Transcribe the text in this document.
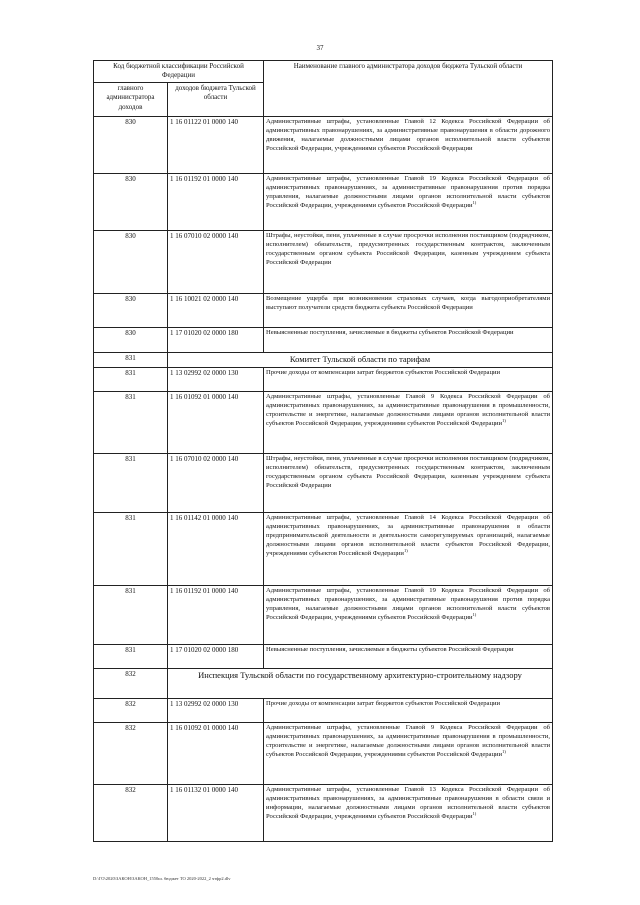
37
Код бюджетной классификации Российской Федерации		Наименование главного администратора доходов бюджета Тульской области
главного администратора доходов	доходов бюджета Тульской области	
830	1 16 01122 01 0000 140	Административные штрафы, установленные Главой 12 Кодекса Российской Федерации об административных правонарушениях, за административные правонарушения в области дорожного движения, налагаемые должностными лицами органов исполнительной власти субъектов Российской Федерации, учреждениями субъектов Российской Федерации
830	1 16 01192 01 0000 140	Административные штрафы, установленные Главой 19 Кодекса Российской Федерации об административных правонарушениях, за административные правонарушения против порядка управления, налагаемые должностными лицами органов исполнительной власти субъектов Российской Федерации, учреждениями субъектов Российской Федерации$^{1)}$
830	1 16 07010 02 0000 140	Штрафы, неустойки, пени, уплаченные в случае просрочки исполнения поставщиком (подрядчиком, исполнителем) обязательств, предусмотренных государственным контрактом, заключенным государственным органом субъекта Российской Федерации, казенным учреждением субъекта Российской Федерации
830	1 16 10021 02 0000 140	Возмещение ущерба при возникновении страховых случаев, когда выгодоприобретателями выступают получатели средств бюджета субъекта Российской Федерации
830	1 17 01020 02 0000 180	Невыясненные поступления, зачисляемые в бюджеты субъектов Российской Федерации
831	Комитет Тульской области по тарифам	
831	1 13 02992 02 0000 130	Прочие доходы от компенсации затрат бюджетов субъектов Российской Федерации
831	1 16 01092 01 0000 140	Административные штрафы, установленные Главой 9 Кодекса Российской Федерации об административных правонарушениях, за административные правонарушения в промышленности, строительстве и энергетике, налагаемые должностными лицами органов исполнительной власти субъектов Российской Федерации, учреждениями субъектов Российской Федерации$^{1)}$
831	1 16 07010 02 0000 140	Штрафы, неустойки, пени, уплаченные в случае просрочки исполнения поставщиком (подрядчиком, исполнителем) обязательств, предусмотренных государственным контрактом, заключенным государственным органом субъекта Российской Федерации, казенным учреждением субъекта Российской Федерации
831	1 16 01142 01 0000 140	Административные штрафы, установленные Главой 14 Кодекса Российской Федерации об административных правонарушениях, за административные правонарушения в области предпринимательской деятельности и деятельности саморегулируемых организаций, налагаемые должностными лицами органов исполнительной власти субъектов Российской Федерации, учреждениями субъектов Российской Федерации$^{1)}$
831	1 16 01192 01 0000 140	Административные штрафы, установленные Главой 19 Кодекса Российской Федерации об административных правонарушениях, за административные правонарушения против порядка управления, налагаемые должностными лицами органов исполнительной власти субъектов Российской Федерации, учреждениями субъектов Российской Федерации$^{1)}$
831	1 17 01020 02 0000 180	Невыясненные поступления, зачисляемые в бюджеты субъектов Российской Федерации
832	Инспекция Тульской области по государственному архитектурно-строительному надзору	
832	1 13 02992 02 0000 130	Прочие доходы от компенсации затрат бюджетов субъектов Российской Федерации
832	1 16 01092 01 0000 140	Административные штрафы, установленные Главой 9 Кодекса Российской Федерации об административных правонарушениях, за административные правонарушения в промышленности, строительстве и энергетике, налагаемые должностными лицами органов исполнительной власти субъектов Российской Федерации, учреждениями субъектов Российской Федерации$^{1)}$
832	1 16 01132 01 0000 140	Административные штрафы, установленные Главой 13 Кодекса Российской Федерации об административных правонарушениях, за административные правонарушения в области связи и информации, налагаемые должностными лицами органов исполнительной власти субъектов Российской Федерации, учреждениями субъектов Российской Федерации$^{1)}$
D:\ГО\2020\ЗАКОН\ЗАКОН_1550ш. бюджет ТО 2020-2022_2 чтфр2.dlv
